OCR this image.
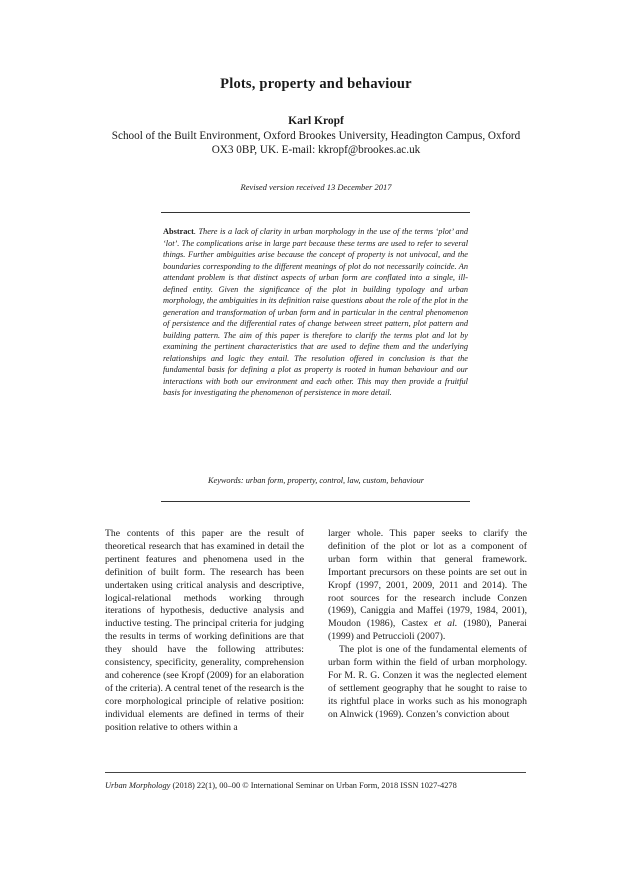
Plots, property and behaviour
Karl Kropf
School of the Built Environment, Oxford Brookes University, Headington Campus, Oxford OX3 0BP, UK. E-mail: kkropf@brookes.ac.uk
Revised version received 13 December 2017
Abstract. There is a lack of clarity in urban morphology in the use of the terms ‘plot’ and ‘lot’. The complications arise in large part because these terms are used to refer to several things. Further ambiguities arise because the concept of property is not univocal, and the boundaries corresponding to the different meanings of plot do not necessarily coincide. An attendant problem is that distinct aspects of urban form are conflated into a single, ill-defined entity. Given the significance of the plot in building typology and urban morphology, the ambiguities in its definition raise questions about the role of the plot in the generation and transformation of urban form and in particular in the central phenomenon of persistence and the differential rates of change between street pattern, plot pattern and building pattern. The aim of this paper is therefore to clarify the terms plot and lot by examining the pertinent characteristics that are used to define them and the underlying relationships and logic they entail. The resolution offered in conclusion is that the fundamental basis for defining a plot as property is rooted in human behaviour and our interactions with both our environment and each other. This may then provide a fruitful basis for investigating the phenomenon of persistence in more detail.
Keywords: urban form, property, control, law, custom, behaviour

The contents of this paper are the result of theoretical research that has examined in detail the pertinent features and phenomena used in the definition of built form. The research has been undertaken using critical analysis and descriptive, logical-relational methods working through iterations of hypothesis, deductive analysis and inductive testing. The principal criteria for judging the results in terms of working definitions are that they should have the following attributes: consistency, specificity, generality, comprehension and coherence (see Kropf (2009) for an elaboration of the criteria). A central tenet of the research is the core morphological principle of relative position: individual elements are defined in terms of their position relative to others within a

larger whole. This paper seeks to clarify the definition of the plot or lot as a component of urban form within that general framework. Important precursors on these points are set out in Kropf (1997, 2001, 2009, 2011 and 2014). The root sources for the research include Conzen (1969), Caniggia and Maffei (1979, 1984, 2001), Moudon (1986), Castex et al. (1980), Panerai (1999) and Petruccioli (2007).

The plot is one of the fundamental elements of urban form within the field of urban morphology. For M. R. G. Conzen it was the neglected element of settlement geography that he sought to raise to its rightful place in works such as his monograph on Alnwick (1969). Conzen’s conviction about

Urban Morphology (2018) 22(1), 00–00 © International Seminar on Urban Form, 2018 ISSN 1027-4278
